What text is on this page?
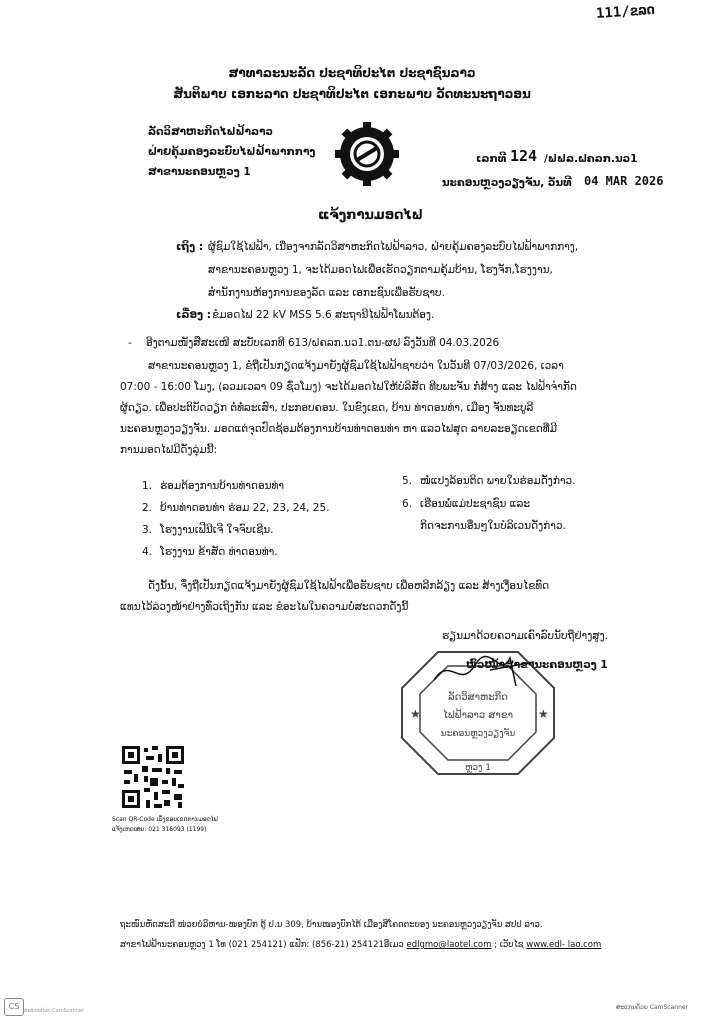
111/ຂລດ
ສາທາລະນະລັດ ປະຊາທິປະໄຕ ປະຊາຊົນລາວ
ສັນຕິພາບ ເອກະລາດ ປະຊາທິປະໄຕ ເອກະພາບ ວັດທະນະຖາວອນ
ລັດວິສາຫະກິດໄຟຟ້າລາວ
ຝ່າຍຄຸ້ມຄອງລະບົບໄຟຟ້າພາກກາງ
ສາຂານະຄອນຫຼວງ 1
ເລກທີ 124 /ຟຟລ.ຝຄລກ.ນວ1
ນະຄອນຫຼວງວຽງຈັນ, ວັນທີ 04 MAR 2026
ແຈ້ງການມອດໄຟ
ເຖິງ : ຜູ້ຊົມໃຊ້ໄຟຟ້າ, ເນື່ອງຈາກລັດວິສາຫະກິດໄຟຟ້າລາວ, ຝ່າຍຄຸ້ມຄອງລະບົບໄຟຟ້າພາກກາງ,
ສາຂານະຄອນຫຼວງ 1, ຈະໄດ້ມອດໄຟເພື່ອເຮັດວຽກຕາມຄຸ້ມບ້ານ, ໂຮງຈັກ,ໂຮງງານ,
ສຳນັກງານຫ້ອງການຂອງລັດ ແລະ ເອກະຊົນເພື່ອຮັບຊາບ.
ເລື່ອງ : ຂໍມອດໄຟ 22 kV MSS 5.6 ສະຖານີໄຟຟ້າໂພນຕ້ອງ.
- ອີງຕາມໜັງສືສະເໜີ ສະບັບເລກທີ 613/ຝຄລກ.ນວ1.ຕນ-ຜຟ ລົງວັນທີ 04.03.2026
ສາຂານະຄອນຫຼວງ 1, ຂໍຖືເປັນກຽດແຈ້ງມາຍັງຜູ້ຊົມໃຊ້ໄຟຟ້າຊາບວ່າ ໃນວັນທີ 07/03/2026, ເວລາ
07:00 - 16:00 ໂມງ, (ລວມເວລາ 09 ຊົ່ວໂມງ) ຈະໄດ້ມອດໄຟໃຫ້ບໍລິສັດ ທີບພະຈັນ ກໍ່ສ້າງ ແລະ ໄຟຟ້າຈຳກັດ
ຜູ້ດຽວ. ເພື່ອປະຕິບັດວຽກ ຕໍ່ທໍ່ລະເສົາ, ປະກອບຄອນ. ໃນຂົງເຂດ, ບ້ານ ທ່າດອນທ່າ, ເມືອງ ຈັນທະບູລີ
ນະຄອນຫຼວງວຽງຈັນ. ມອດແຕ່ຈຸດປົດຊ້ອມຕ້ອງການບ້ານທ່າດອນທ່າ ຫາ ແລວໄຟສຸດ ລາຍລະອຽດເຂດທີ່ມີ
ການມອດໄຟມີດັ່ງລຸ່ມນີ້:
1. ຮ່ອມຕ້ອງການບ້ານທ່າດອນທ່າ
2. ບ້ານທ່າດອນທ່າ ຮ່ອມ 22, 23, 24, 25.
3. ໂຮງງານເຟີນີເຈີ ໃຈຈົບເຊີນ.
4. ໂຮງງານ ຂ້າສັດ ທ່າດອນທ່າ.
5. ໜໍ່ແປງລ້ອນຕິດ ພາຍໃນຮ່ອມດັ່ງກ່າວ.
6. ເຮືອນພໍ່ແມ່ປະຊາຊົນ ແລະ
ກິດຈະການອື່ນໆໃນບໍລິເວນດັ່ງກ່າວ.
ດັ່ງນັ້ນ, ຈຶ່ງຖືເປັນກຽດແຈ້ງມາຍັງຜູ້ຊົມໃຊ້ໄຟຟ້າເພື່ອຮັບຊາບ ເພື່ອຫລີກລ້ຽງ ແລະ ສ້າງເງື່ອນໄຂທົດ
ແທນໄວ້ລ່ວງໜ້າຢ່າງທົ່ວເຖິງກັນ ແລະ ຂໍອະໄພໃນຄວາມບໍ່ສະດວກດັ່ງນີ້
ຮຽນມາດ້ວຍຄວາມເຄົາລົບນັບຖືຢ່າງສູງ.
ຫົວໜ້າສາຂານະຄອນຫຼວງ 1
★	★
ລັດວິສາຫະກິດ
ໄຟຟ້າລາວ ສາຂາ
ນະຄອນຫຼວງວຽງຈັນ
ຫຼວງ 1
Scan QR-Code ເບິ່ງຂອບເຂດການມອດໄຟ
ແຈ້ງເຫດເສຍ: 021 316093 (1199)
ຖະໜົນຫັດສະດີ ໜ່ວຍບໍລິຫານ-ໜອງບົກ ຕູ້ ປ.ນ 309, ບ້ານໜອງບົກໄຕ້ ເມືອງສີໂຄດຕະບອງ ນະຄອນຫຼວງວຽງຈັນ ສປປ ລາວ.
ສາຂາໄຟຟ້ານະຄອນຫຼວງ 1 ໂທ (021 254121) ແຟັກ: (856-21) 254121ອີເມວ edlgmo@laotel.com ; ເວັບໄຊ www.edl- lao.com
ສະແກນດ້ວຍ CamScanner
CS ສະແກນດ້ວຍ CamScanner
